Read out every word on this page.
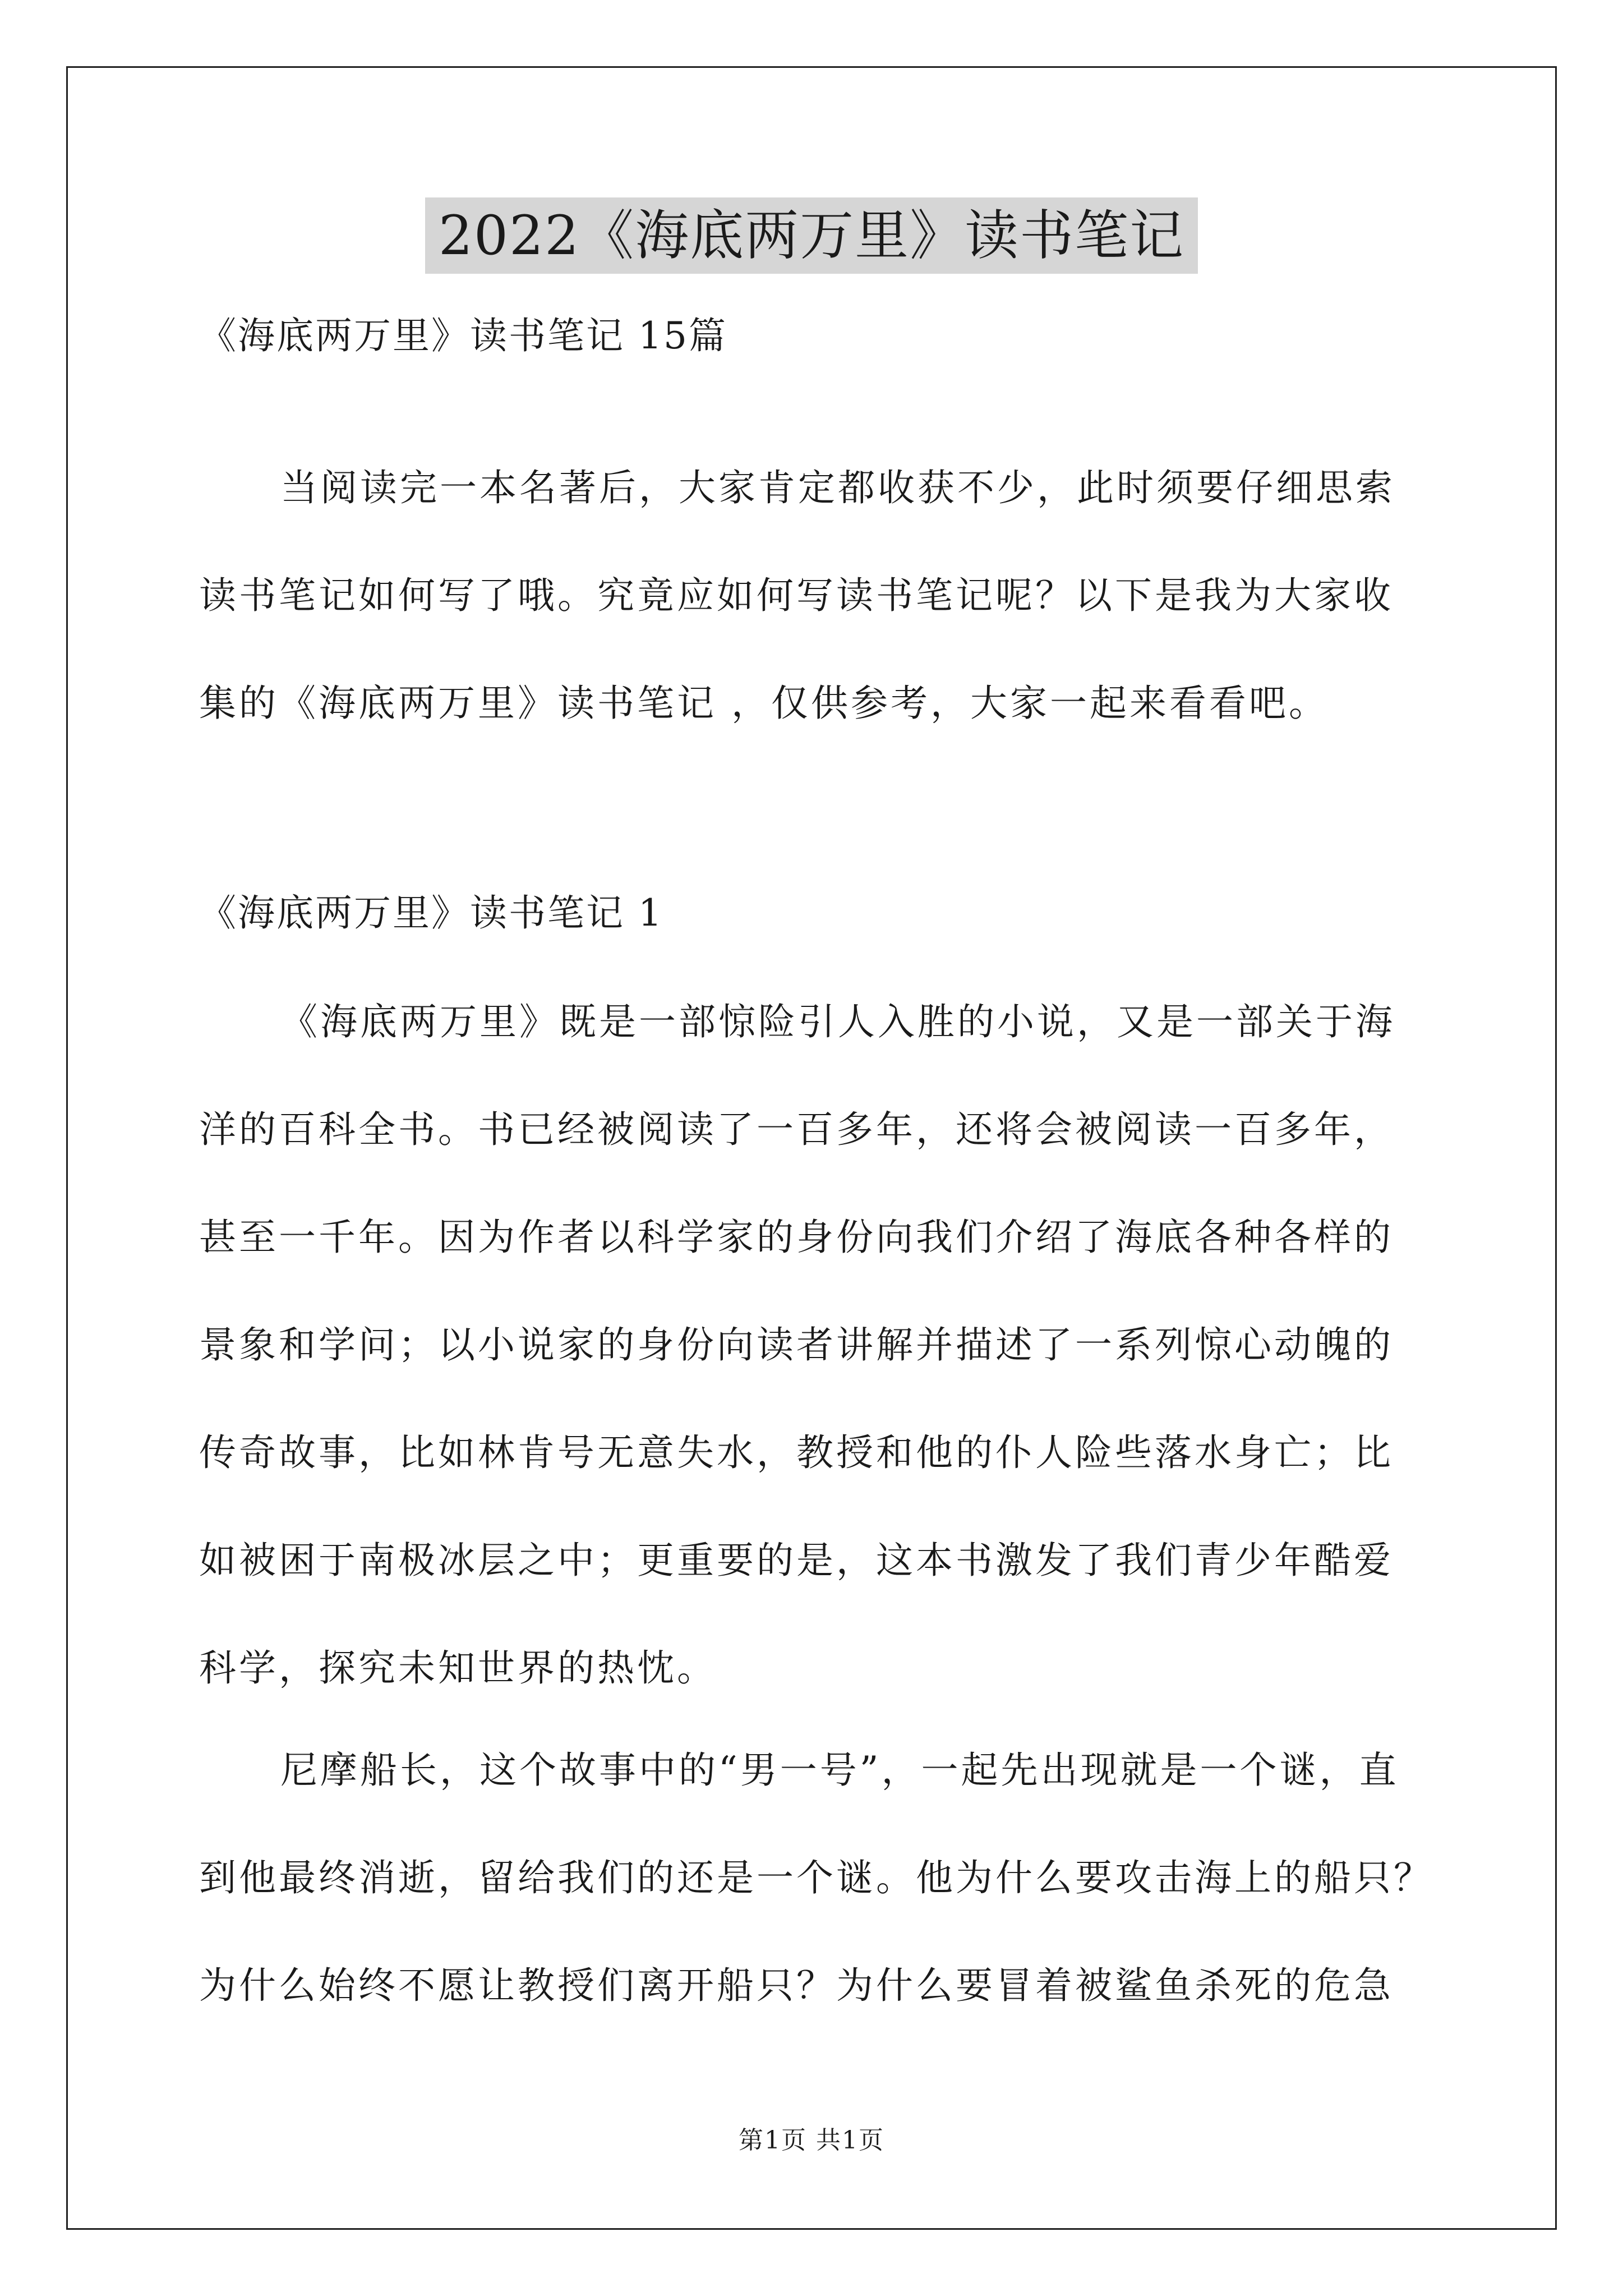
2022《海底两万里》读书笔记
《海底两万里》读书笔记 15篇
当阅读完一本名著后，大家肯定都收获不少，此时须要仔细思索
读书笔记如何写了哦。究竟应如何写读书笔记呢？以下是我为大家收
集的《海底两万里》读书笔记 ，仅供参考，大家一起来看看吧。
《海底两万里》读书笔记 1
《海底两万里》既是一部惊险引人入胜的小说，又是一部关于海
洋的百科全书。书已经被阅读了一百多年，还将会被阅读一百多年，
甚至一千年。因为作者以科学家的身份向我们介绍了海底各种各样的
景象和学问；以小说家的身份向读者讲解并描述了一系列惊心动魄的
传奇故事，比如林肯号无意失水，教授和他的仆人险些落水身亡；比
如被困于南极冰层之中；更重要的是，这本书激发了我们青少年酷爱
科学，探究未知世界的热忱。
尼摩船长，这个故事中的“男一号”，一起先出现就是一个谜，直
到他最终消逝，留给我们的还是一个谜。他为什么要攻击海上的船只？
为什么始终不愿让教授们离开船只？为什么要冒着被鲨鱼杀死的危急
第1页 共1页
